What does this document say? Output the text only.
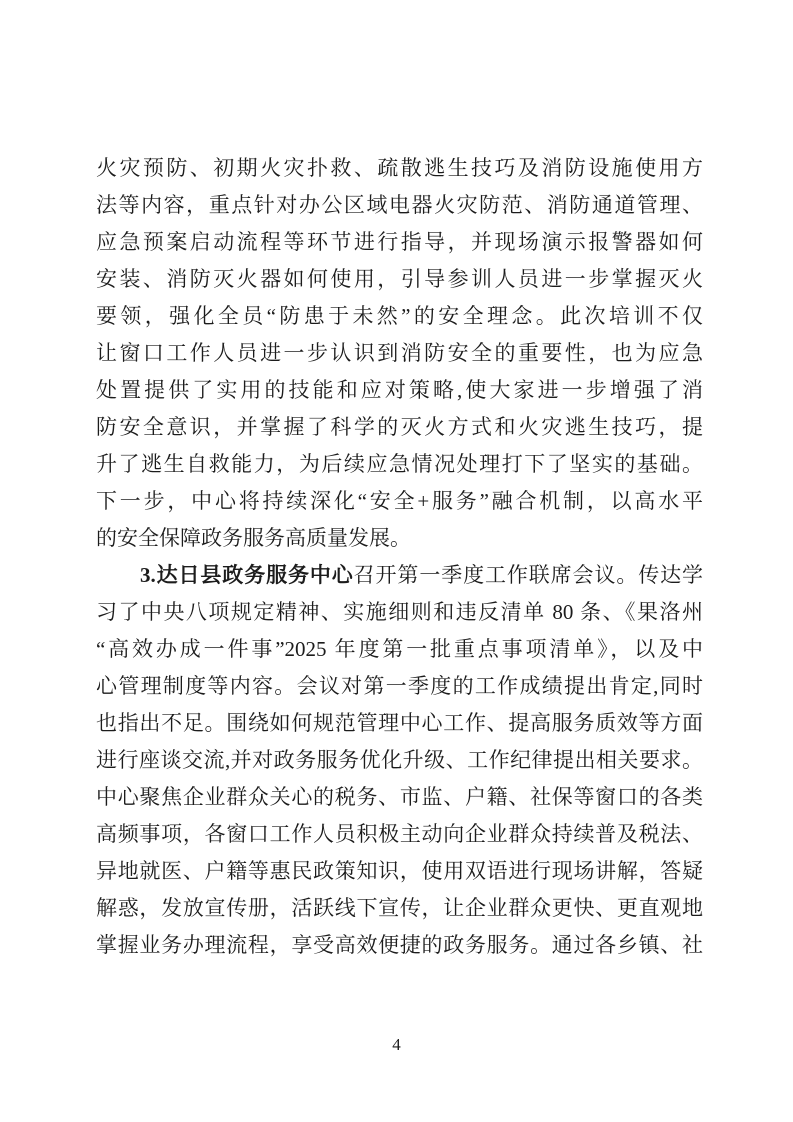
火灾预防、初期火灾扑救、疏散逃生技巧及消防设施使用方
法等内容，重点针对办公区域电器火灾防范、消防通道管理、
应急预案启动流程等环节进行指导，并现场演示报警器如何
安装、消防灭火器如何使用，引导参训人员进一步掌握灭火
要领，强化全员“防患于未然”的安全理念。此次培训不仅
让窗口工作人员进一步认识到消防安全的重要性，也为应急
处置提供了实用的技能和应对策略,使大家进一步增强了消
防安全意识，并掌握了科学的灭火方式和火灾逃生技巧，提
升了逃生自救能力，为后续应急情况处理打下了坚实的基础。
下一步，中心将持续深化“安全+服务”融合机制，以高水平
的安全保障政务服务高质量发展。
3.达日县政务服务中心召开第一季度工作联席会议。传达学
习了中央八项规定精神、实施细则和违反清单 80 条、《果洛州
“高效办成一件事”2025 年度第一批重点事项清单》，以及中
心管理制度等内容。会议对第一季度的工作成绩提出肯定,同时
也指出不足。围绕如何规范管理中心工作、提高服务质效等方面
进行座谈交流,并对政务服务优化升级、工作纪律提出相关要求。
中心聚焦企业群众关心的税务、市监、户籍、社保等窗口的各类
高频事项，各窗口工作人员积极主动向企业群众持续普及税法、
异地就医、户籍等惠民政策知识，使用双语进行现场讲解，答疑
解惑，发放宣传册，活跃线下宣传，让企业群众更快、更直观地
掌握业务办理流程，享受高效便捷的政务服务。通过各乡镇、社
4
